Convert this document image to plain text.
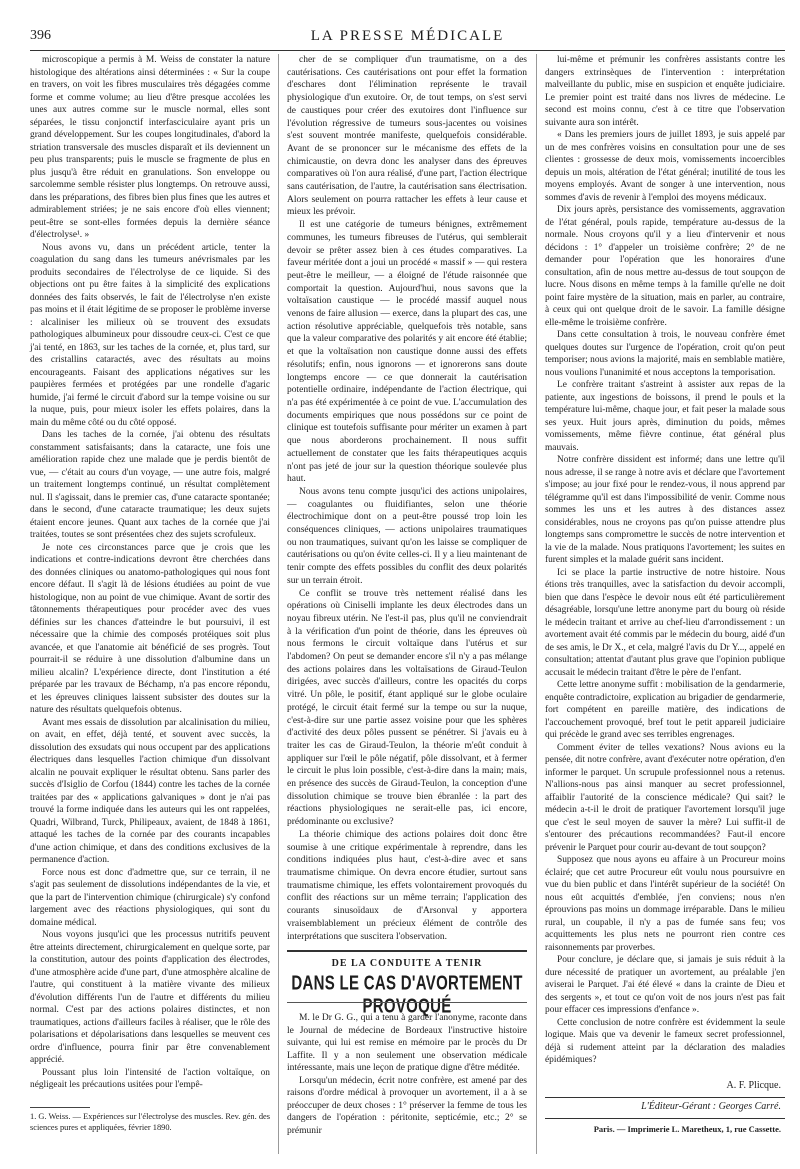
396	LA PRESSE MÉDICALE

microscopique a permis à M. Weiss de constater la nature histologique des altérations ainsi déterminées : « Sur la coupe en travers, on voit les fibres musculaires très dégagées comme forme et comme volume; au lieu d'être presque accolées les unes aux autres comme sur le muscle normal, elles sont séparées, le tissu conjonctif interfasciculaire ayant pris un grand développement. Sur les coupes longitudinales, d'abord la striation transversale des muscles disparaît et ils deviennent un peu plus transparents; puis le muscle se fragmente de plus en plus jusqu'à être réduit en granulations. Son enveloppe ou sarcolemme semble résister plus longtemps. On retrouve aussi, dans les préparations, des fibres bien plus fines que les autres et admirablement striées; je ne sais encore d'où elles viennent; peut-être se sont-elles formées depuis la dernière séance d'électrolyse¹. »

Nous avons vu, dans un précédent article, tenter la coagulation du sang dans les tumeurs anévrismales par les produits secondaires de l'électrolyse de ce liquide. Si des objections ont pu être faites à la simplicité des explications données des faits observés, le fait de l'électrolyse n'en existe pas moins et il était légitime de se proposer le problème inverse : alcaliniser les milieux où se trouvent des exsudats pathologiques albumineux pour dissoudre ceux-ci. C'est ce que j'ai tenté, en 1863, sur les taches de la cornée, et, plus tard, sur des cristallins cataractés, avec des résultats au moins encourageants. Faisant des applications négatives sur les paupières fermées et protégées par une rondelle d'agaric humide, j'ai fermé le circuit d'abord sur la tempe voisine ou sur la nuque, puis, pour mieux isoler les effets polaires, dans la main du même côté ou du côté opposé.

Dans les taches de la cornée, j'ai obtenu des résultats constamment satisfaisants; dans la cataracte, une fois une amélioration rapide chez une malade que je perdis bientôt de vue, — c'était au cours d'un voyage, — une autre fois, malgré un traitement longtemps continué, un résultat complètement nul. Il s'agissait, dans le premier cas, d'une cataracte spontanée; dans le second, d'une cataracte traumatique; les deux sujets étaient encore jeunes. Quant aux taches de la cornée que j'ai traitées, toutes se sont présentées chez des sujets scrofuleux.

Je note ces circonstances parce que je crois que les indications et contre-indications devront être cherchées dans des données cliniques ou anatomo-pathologiques qui nous font encore défaut. Il s'agit là de lésions étudiées au point de vue histologique, non au point de vue chimique. Avant de sortir des tâtonnements thérapeutiques pour procéder avec des vues définies sur les chances d'atteindre le but poursuivi, il est nécessaire que la chimie des composés protéiques soit plus avancée, et que l'anatomie ait bénéficié de ses progrès. Tout pourrait-il se réduire à une dissolution d'albumine dans un milieu alcalin? L'expérience directe, dont l'institution a été préparée par les travaux de Béchamp, n'a pas encore répondu, et les épreuves cliniques laissent subsister des doutes sur la nature des résultats quelquefois obtenus.

Avant mes essais de dissolution par alcalinisation du milieu, on avait, en effet, déjà tenté, et souvent avec succès, la dissolution des exsudats qui nous occupent par des applications électriques dans lesquelles l'action chimique d'un dissolvant alcalin ne pouvait expliquer le résultat obtenu. Sans parler des succès d'Isiglio de Corfou (1844) contre les taches de la cornée traitées par des « applications galvaniques » dont je n'ai pas trouvé la forme indiquée dans les auteurs qui les ont rappelées, Quadri, Wilbrand, Turck, Philipeaux, avaient, de 1848 à 1861, attaqué les taches de la cornée par des courants incapables d'une action chimique, et dans des conditions exclusives de la permanence d'action.

Force nous est donc d'admettre que, sur ce terrain, il ne s'agit pas seulement de dissolutions indépendantes de la vie, et que la part de l'intervention chimique (chirurgicale) s'y confond largement avec des réactions physiologiques, qui sont du domaine médical.

Nous voyons jusqu'ici que les processus nutritifs peuvent être atteints directement, chirurgicalement en quelque sorte, par la constitution, autour des points d'application des électrodes, d'une atmosphère acide d'une part, d'une atmosphère alcaline de l'autre, qui constituent à la matière vivante des milieux d'évolution différents l'un de l'autre et différents du milieu normal. C'est par des actions polaires distinctes, et non traumatiques, actions d'ailleurs faciles à réaliser, que le rôle des polarisations et dépolarisations dans lesquelles se meuvent ces ordre d'influence, pourra finir par être convenablement apprécié.

Poussant plus loin l'intensité de l'action voltaïque, on négligeait les précautions usitées pour l'empê-

1. G. Weiss. — Expériences sur l'électrolyse des muscles. Rev. gén. des sciences pures et appliquées, février 1890.

cher de se compliquer d'un traumatisme, on a des cautérisations. Ces cautérisations ont pour effet la formation d'eschares dont l'élimination représente le travail physiologique d'un exutoire. Or, de tout temps, on s'est servi de caustiques pour créer des exutoires dont l'influence sur l'évolution régressive de tumeurs sous-jacentes ou voisines s'est souvent montrée manifeste, quelquefois considérable. Avant de se prononcer sur le mécanisme des effets de la chimicaustie, on devra donc les analyser dans des épreuves comparatives où l'on aura réalisé, d'une part, l'action électrique sans cautérisation, de l'autre, la cautérisation sans électrisation. Alors seulement on pourra rattacher les effets à leur cause et mieux les prévoir.

Il est une catégorie de tumeurs bénignes, extrêmement communes, les tumeurs fibreuses de l'utérus, qui semblerait devoir se prêter assez bien à ces études comparatives. La faveur méritée dont a joui un procédé « massif » — qui restera peut-être le meilleur, — a éloigné de l'étude raisonnée que comportait la question. Aujourd'hui, nous savons que la voltaïsation caustique — le procédé massif auquel nous venons de faire allusion — exerce, dans la plupart des cas, une action résolutive appréciable, quelquefois très notable, sans que la valeur comparative des polarités y ait encore été établie; et que la voltaïsation non caustique donne aussi des effets résolutifs; enfin, nous ignorons — et ignorerons sans doute longtemps encore — ce que donnerait la cautérisation potentielle ordinaire, indépendante de l'action électrique, qui n'a pas été expérimentée à ce point de vue. L'accumulation des documents empiriques que nous possédons sur ce point de clinique est toutefois suffisante pour mériter un examen à part que nous aborderons prochainement. Il nous suffit actuellement de constater que les faits thérapeutiques acquis n'ont pas jeté de jour sur la question théorique soulevée plus haut.

Nous avons tenu compte jusqu'ici des actions unipolaires, — coagulantes ou fluidifiantes, selon une théorie électrochimique dont on a peut-être poussé trop loin les conséquences cliniques, — actions unipolaires traumatiques ou non traumatiques, suivant qu'on les laisse se compliquer de cautérisations ou qu'on évite celles-ci. Il y a lieu maintenant de tenir compte des effets possibles du conflit des deux polarités sur un terrain étroit.

Ce conflit se trouve très nettement réalisé dans les opérations où Ciniselli implante les deux électrodes dans un noyau fibreux utérin. Ne l'est-il pas, plus qu'il ne conviendrait à la vérification d'un point de théorie, dans les épreuves où nous fermons le circuit voltaïque dans l'utérus et sur l'abdomen? On peut se demander encore s'il n'y a pas mélange des actions polaires dans les voltaïsations de Giraud-Teulon dirigées, avec succès d'ailleurs, contre les opacités du corps vitré. Un pôle, le positif, étant appliqué sur le globe oculaire protégé, le circuit était fermé sur la tempe ou sur la nuque, c'est-à-dire sur une partie assez voisine pour que les sphères d'activité des deux pôles pussent se pénétrer. Si j'avais eu à traiter les cas de Giraud-Teulon, la théorie m'eût conduit à appliquer sur l'œil le pôle négatif, pôle dissolvant, et à fermer le circuit le plus loin possible, c'est-à-dire dans la main; mais, en présence des succès de Giraud-Teulon, la conception d'une dissolution chimique se trouve bien ébranlée : la part des réactions physiologiques ne serait-elle pas, ici encore, prédominante ou exclusive?

La théorie chimique des actions polaires doit donc être soumise à une critique expérimentale à reprendre, dans les conditions indiquées plus haut, c'est-à-dire avec et sans traumatisme chimique. On devra encore étudier, surtout sans traumatisme chimique, les effets volontairement provoqués du conflit des réactions sur un même terrain; l'application des courants sinusoïdaux de d'Arsonval y apportera vraisemblablement un précieux élément de contrôle des interprétations que suscitera l'observation.

DE LA CONDUITE A TENIR
DANS LE CAS D'AVORTEMENT PROVOQUÉ

M. le Dr G. G., qui a tenu à garder l'anonyme, raconte dans le Journal de médecine de Bordeaux l'instructive histoire suivante, qui lui est remise en mémoire par le procès du Dr Laffite. Il y a non seulement une observation médicale intéressante, mais une leçon de pratique digne d'être méditée.

Lorsqu'un médecin, écrit notre confrère, est amené par des raisons d'ordre médical à provoquer un avortement, il a à se préoccuper de deux choses : 1° préserver la femme de tous les dangers de l'opération : péritonite, septicémie, etc.; 2° se prémunir

lui-même et prémunir les confrères assistants contre les dangers extrinsèques de l'intervention : interprétation malveillante du public, mise en suspicion et enquête judiciaire. Le premier point est traité dans nos livres de médecine. Le second est moins connu, c'est à ce titre que l'observation suivante aura son intérêt.

« Dans les premiers jours de juillet 1893, je suis appelé par un de mes confrères voisins en consultation pour une de ses clientes : grossesse de deux mois, vomissements incoercibles depuis un mois, altération de l'état général; inutilité de tous les moyens employés. Avant de songer à une intervention, nous sommes d'avis de revenir à l'emploi des moyens médicaux.

Dix jours après, persistance des vomissements, aggravation de l'état général, pouls rapide, température au-dessus de la normale. Nous croyons qu'il y a lieu d'intervenir et nous décidons : 1° d'appeler un troisième confrère; 2° de ne demander pour l'opération que les honoraires d'une consultation, afin de nous mettre au-dessus de tout soupçon de lucre. Nous disons en même temps à la famille qu'elle ne doit point faire mystère de la situation, mais en parler, au contraire, à ceux qui ont quelque droit de le savoir. La famille désigne elle-même le troisième confrère.

Dans cette consultation à trois, le nouveau confrère émet quelques doutes sur l'urgence de l'opération, croit qu'on peut temporiser; nous avions la majorité, mais en semblable matière, nous voulions l'unanimité et nous acceptons la temporisation.

Le confrère traitant s'astreint à assister aux repas de la patiente, aux ingestions de boissons, il prend le pouls et la température lui-même, chaque jour, et fait peser la malade sous ses yeux. Huit jours après, diminution du poids, mêmes vomissements, même fièvre continue, état général plus mauvais.

Notre confrère dissident est informé; dans une lettre qu'il nous adresse, il se range à notre avis et déclare que l'avortement s'impose; au jour fixé pour le rendez-vous, il nous apprend par télégramme qu'il est dans l'impossibilité de venir. Comme nous sommes les uns et les autres à des distances assez considérables, nous ne croyons pas qu'on puisse attendre plus longtemps sans compromettre le succès de notre intervention et la vie de la malade. Nous pratiquons l'avortement; les suites en furent simples et la malade guérit sans incident.

Ici se place la partie instructive de notre histoire. Nous étions très tranquilles, avec la satisfaction du devoir accompli, bien que dans l'espèce le devoir nous eût été particulièrement désagréable, lorsqu'une lettre anonyme part du bourg où réside le médecin traitant et arrive au chef-lieu d'arrondissement : un avortement avait été commis par le médecin du bourg, aidé d'un de ses amis, le Dr X., et cela, malgré l'avis du Dr Y..., appelé en consultation; attentat d'autant plus grave que l'opinion publique accusait le médecin traitant d'être le père de l'enfant.

Cette lettre anonyme suffit : mobilisation de la gendarmerie, enquête contradictoire, explication au brigadier de gendarmerie, fort compétent en pareille matière, des indications de l'accouchement provoqué, bref tout le petit appareil judiciaire qui précède le grand avec ses terribles engrenages.

Comment éviter de telles vexations? Nous avions eu la pensée, dit notre confrère, avant d'exécuter notre opération, d'en informer le parquet. Un scrupule professionnel nous a retenus. N'allions-nous pas ainsi manquer au secret professionnel, affaiblir l'autorité de la conscience médicale? Qui sait? le médecin a-t-il le droit de pratiquer l'avortement lorsqu'il juge que c'est le seul moyen de sauver la mère? Lui suffit-il de s'entourer des précautions recommandées? Faut-il encore prévenir le Parquet pour courir au-devant de tout soupçon?

Supposez que nous ayons eu affaire à un Procureur moins éclairé; que cet autre Procureur eût voulu nous poursuivre en vue du bien public et dans l'intérêt supérieur de la société! On nous eût acquittés d'emblée, j'en conviens; nous n'en éprouvions pas moins un dommage irréparable. Dans le milieu rural, un coupable, il n'y a pas de fumée sans feu; vos acquittements les plus nets ne pourront rien contre ces raisonnements par proverbes.

Pour conclure, je déclare que, si jamais je suis réduit à la dure nécessité de pratiquer un avortement, au préalable j'en aviserai le Parquet. J'ai été élevé « dans la crainte de Dieu et des sergents », et tout ce qu'on voit de nos jours n'est pas fait pour effacer ces impressions d'enfance ».

Cette conclusion de notre confrère est évidemment la seule logique. Mais que va devenir le fameux secret professionnel, déjà si rudement atteint par la déclaration des maladies épidémiques?

A. F. Plicque.
L'Éditeur-Gérant : Georges Carré.
Paris. — Imprimerie L. Maretheux, 1, rue Cassette.
